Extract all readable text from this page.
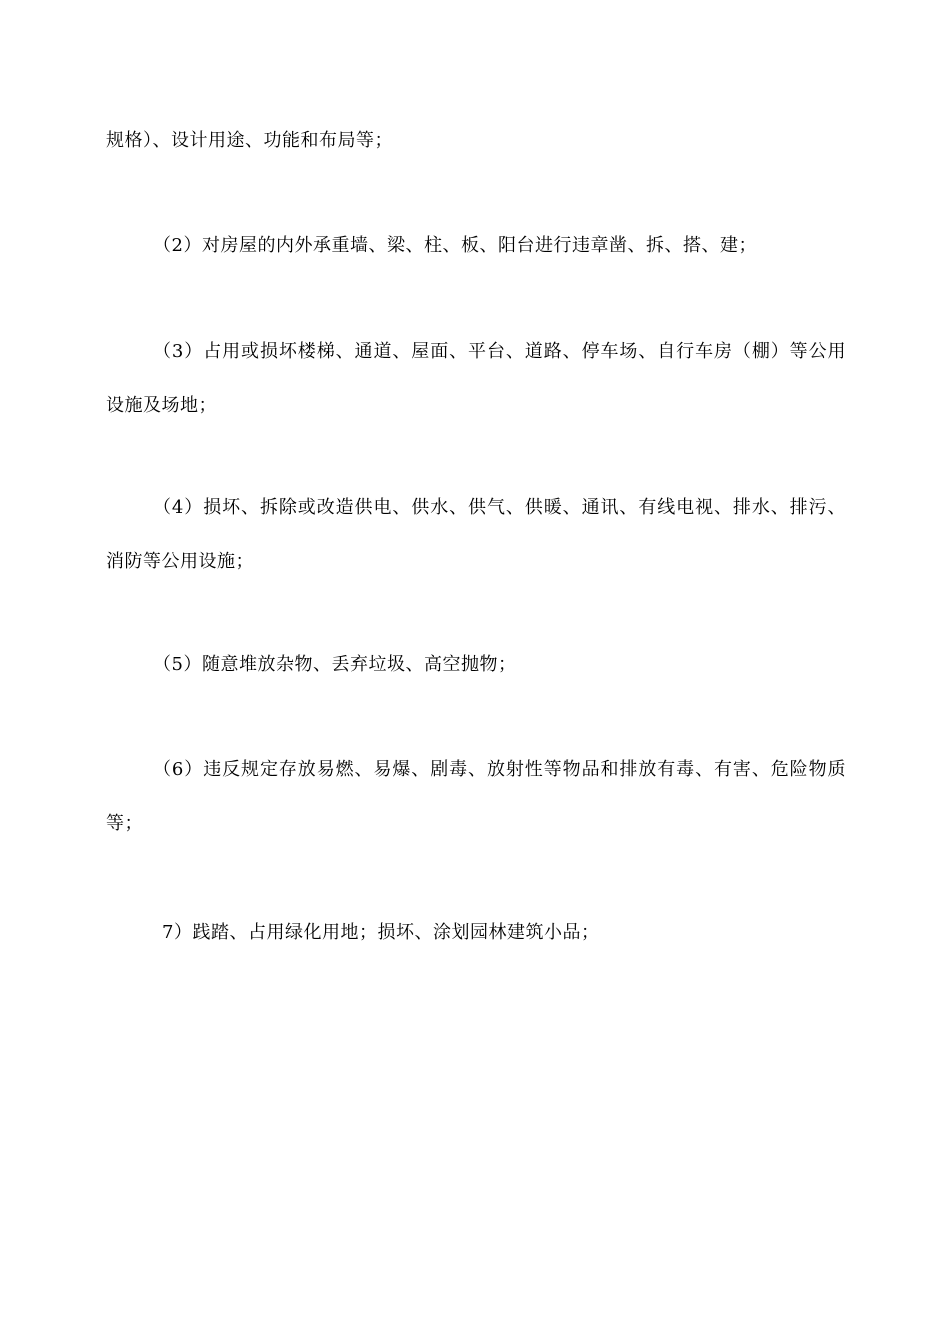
规格）、设计用途、功能和布局等；

（2）对房屋的内外承重墙、梁、柱、板、阳台进行违章凿、拆、搭、建；

（3）占用或损坏楼梯、通道、屋面、平台、道路、停车场、自行车房（棚）等公用设施及场地；

（4）损坏、拆除或改造供电、供水、供气、供暖、通讯、有线电视、排水、排污、消防等公用设施；

（5）随意堆放杂物、丢弃垃圾、高空抛物；

（6）违反规定存放易燃、易爆、剧毒、放射性等物品和排放有毒、有害、危险物质等；

7）践踏、占用绿化用地；损坏、涂划园林建筑小品；
